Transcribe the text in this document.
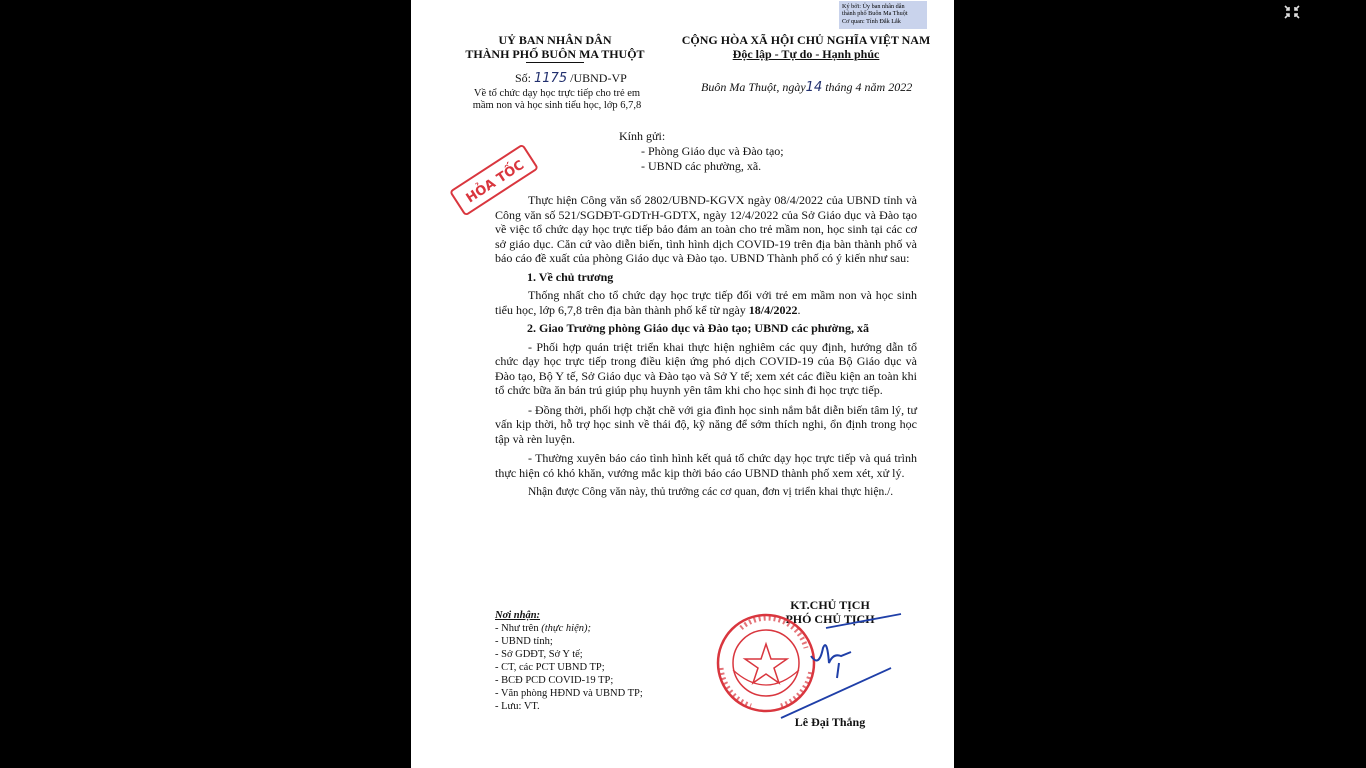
Ký bởi: Ủy ban nhân dân
thành phố Buôn Ma Thuột
Cơ quan: Tỉnh Đắk Lắk
UỶ BAN NHÂN DÂN
THÀNH PHỐ BUÔN MA THUỘT
CỘNG HÒA XÃ HỘI CHỦ NGHĨA VIỆT NAM
Độc lập - Tự do - Hạnh phúc
Số: 1175 /UBND-VP
Về tổ chức dạy học trực tiếp cho trẻ em
mầm non và học sinh tiểu học, lớp 6,7,8
Buôn Ma Thuột, ngày14 tháng 4 năm 2022
Kính gửi:
- Phòng Giáo dục và Đào tạo;
- UBND các phường, xã.
HỎA TỐC Thực hiện Công văn số 2802/UBND-KGVX ngày 08/4/2022 của UBND tỉnh và Công văn số 521/SGDĐT-GDTrH-GDTX, ngày 12/4/2022 của Sở Giáo dục và Đào tạo về việc tổ chức dạy học trực tiếp bảo đảm an toàn cho trẻ mầm non, học sinh tại các cơ sở giáo dục. Căn cứ vào diễn biến, tình hình dịch COVID-19 trên địa bàn thành phố và báo cáo đề xuất của phòng Giáo dục và Đào tạo. UBND Thành phố có ý kiến như sau:

1. Về chủ trương

Thống nhất cho tổ chức dạy học trực tiếp đối với trẻ em mầm non và học sinh tiểu học, lớp 6,7,8 trên địa bàn thành phố kể từ ngày 18/4/2022.

2. Giao Trưởng phòng Giáo dục và Đào tạo; UBND các phường, xã

- Phối hợp quán triệt triển khai thực hiện nghiêm các quy định, hướng dẫn tổ chức dạy học trực tiếp trong điều kiện ứng phó dịch COVID-19 của Bộ Giáo dục và Đào tạo, Bộ Y tế, Sở Giáo dục và Đào tạo và Sở Y tế; xem xét các điều kiện an toàn khi tổ chức bữa ăn bán trú giúp phụ huynh yên tâm khi cho học sinh đi học trực tiếp.

- Đồng thời, phối hợp chặt chẽ với gia đình học sinh nắm bắt diễn biến tâm lý, tư vấn kịp thời, hỗ trợ học sinh về thái độ, kỹ năng để sớm thích nghi, ổn định trong học tập và rèn luyện.

- Thường xuyên báo cáo tình hình kết quả tổ chức dạy học trực tiếp và quá trình thực hiện có khó khăn, vướng mắc kịp thời báo cáo UBND thành phố xem xét, xử lý.

Nhận được Công văn này, thủ trưởng các cơ quan, đơn vị triển khai thực hiện./.

Nơi nhận:
- Như trên (thực hiện);
- UBND tỉnh;
- Sở GDĐT, Sở Y tế;
- CT, các PCT UBND TP;
- BCĐ PCD COVID-19 TP;
- Văn phòng HĐND và UBND TP;
- Lưu: VT.
KT.CHỦ TỊCH
PHÓ CHỦ TỊCH
Lê Đại Thắng
